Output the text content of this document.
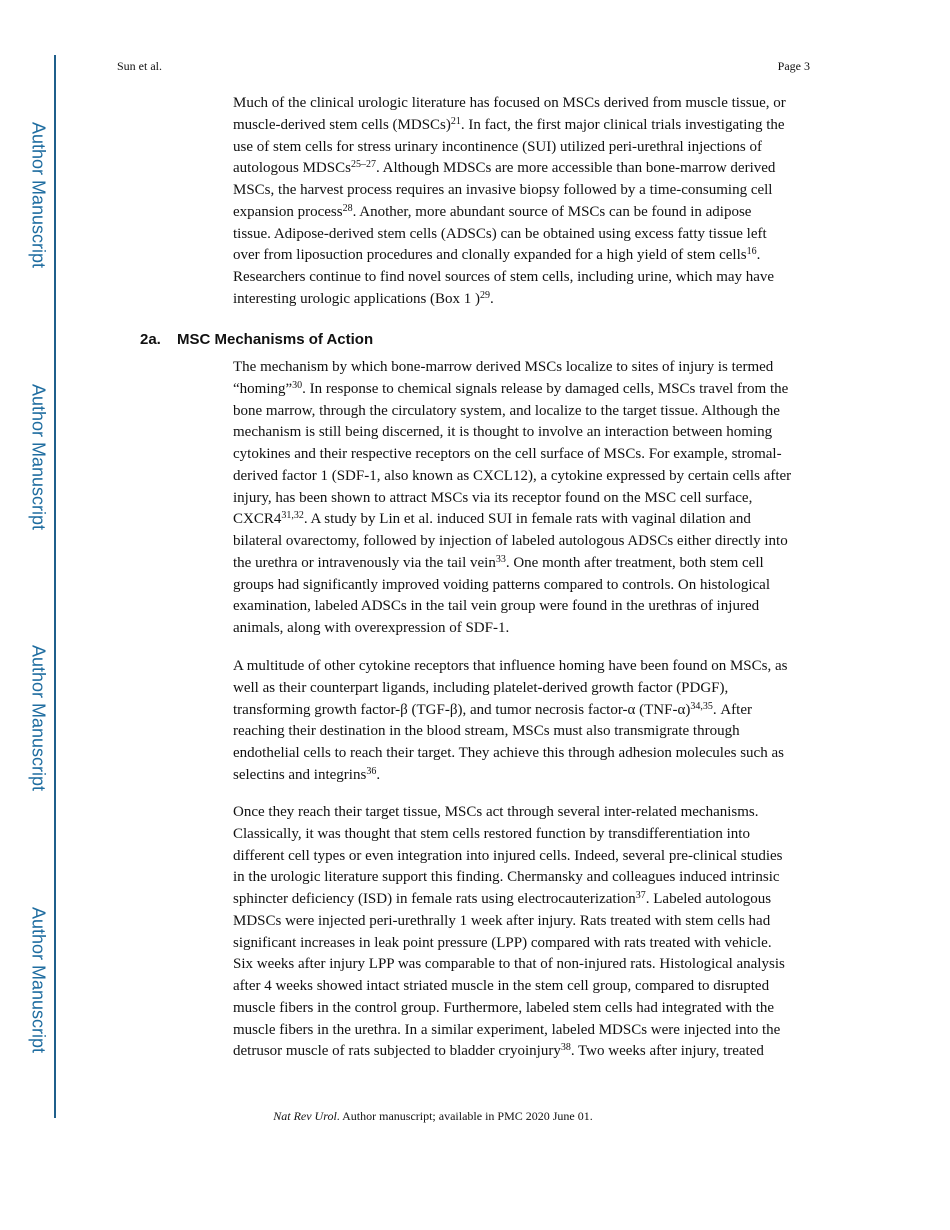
Author Manuscript
Author Manuscript
Author Manuscript
Author Manuscript
Sun et al.	Page 3
Much of the clinical urologic literature has focused on MSCs derived from muscle tissue, or
muscle-derived stem cells (MDSCs)$^{21}$. In fact, the first major clinical trials investigating the
use of stem cells for stress urinary incontinence (SUI) utilized peri-urethral injections of
autologous MDSCs$^{25-27}$. Although MDSCs are more accessible than bone-marrow derived
MSCs, the harvest process requires an invasive biopsy followed by a time-consuming cell
expansion process$^{28}$. Another, more abundant source of MSCs can be found in adipose
tissue. Adipose-derived stem cells (ADSCs) can be obtained using excess fatty tissue left
over from liposuction procedures and clonally expanded for a high yield of stem cells$^{16}$.
Researchers continue to find novel sources of stem cells, including urine, which may have
interesting urologic applications (Box 1 )$^{29}$.
2a. MSC Mechanisms of Action
The mechanism by which bone-marrow derived MSCs localize to sites of injury is termed
“homing”$^{30}$. In response to chemical signals release by damaged cells, MSCs travel from the
bone marrow, through the circulatory system, and localize to the target tissue. Although the
mechanism is still being discerned, it is thought to involve an interaction between homing
cytokines and their respective receptors on the cell surface of MSCs. For example, stromal-
derived factor 1 (SDF-1, also known as CXCL12), a cytokine expressed by certain cells after
injury, has been shown to attract MSCs via its receptor found on the MSC cell surface,
CXCR4$^{31,32}$. A study by Lin et al. induced SUI in female rats with vaginal dilation and
bilateral ovarectomy, followed by injection of labeled autologous ADSCs either directly into
the urethra or intravenously via the tail vein$^{33}$. One month after treatment, both stem cell
groups had significantly improved voiding patterns compared to controls. On histological
examination, labeled ADSCs in the tail vein group were found in the urethras of injured
animals, along with overexpression of SDF-1.
A multitude of other cytokine receptors that influence homing have been found on MSCs, as
well as their counterpart ligands, including platelet-derived growth factor (PDGF),
transforming growth factor-β (TGF-β), and tumor necrosis factor-α $(TNF-\alpha)^{34,35}$. After
reaching their destination in the blood stream, MSCs must also transmigrate through
endothelial cells to reach their target. They achieve this through adhesion molecules such as
selectins and integrins$^{36}$.
Once they reach their target tissue, MSCs act through several inter-related mechanisms.
Classically, it was thought that stem cells restored function by transdifferentiation into
different cell types or even integration into injured cells. Indeed, several pre-clinical studies
in the urologic literature support this finding. Chermansky and colleagues induced intrinsic
sphincter deficiency (ISD) in female rats using electrocauterization$^{37}$. Labeled autologous
MDSCs were injected peri-urethrally 1 week after injury. Rats treated with stem cells had
significant increases in leak point pressure (LPP) compared with rats treated with vehicle.
Six weeks after injury LPP was comparable to that of non-injured rats. Histological analysis
after 4 weeks showed intact striated muscle in the stem cell group, compared to disrupted
muscle fibers in the control group. Furthermore, labeled stem cells had integrated with the
muscle fibers in the urethra. In a similar experiment, labeled MDSCs were injected into the
detrusor muscle of rats subjected to bladder cryoinjury$^{38}$. Two weeks after injury, treated
Nat Rev Urol. Author manuscript; available in PMC 2020 June 01.
